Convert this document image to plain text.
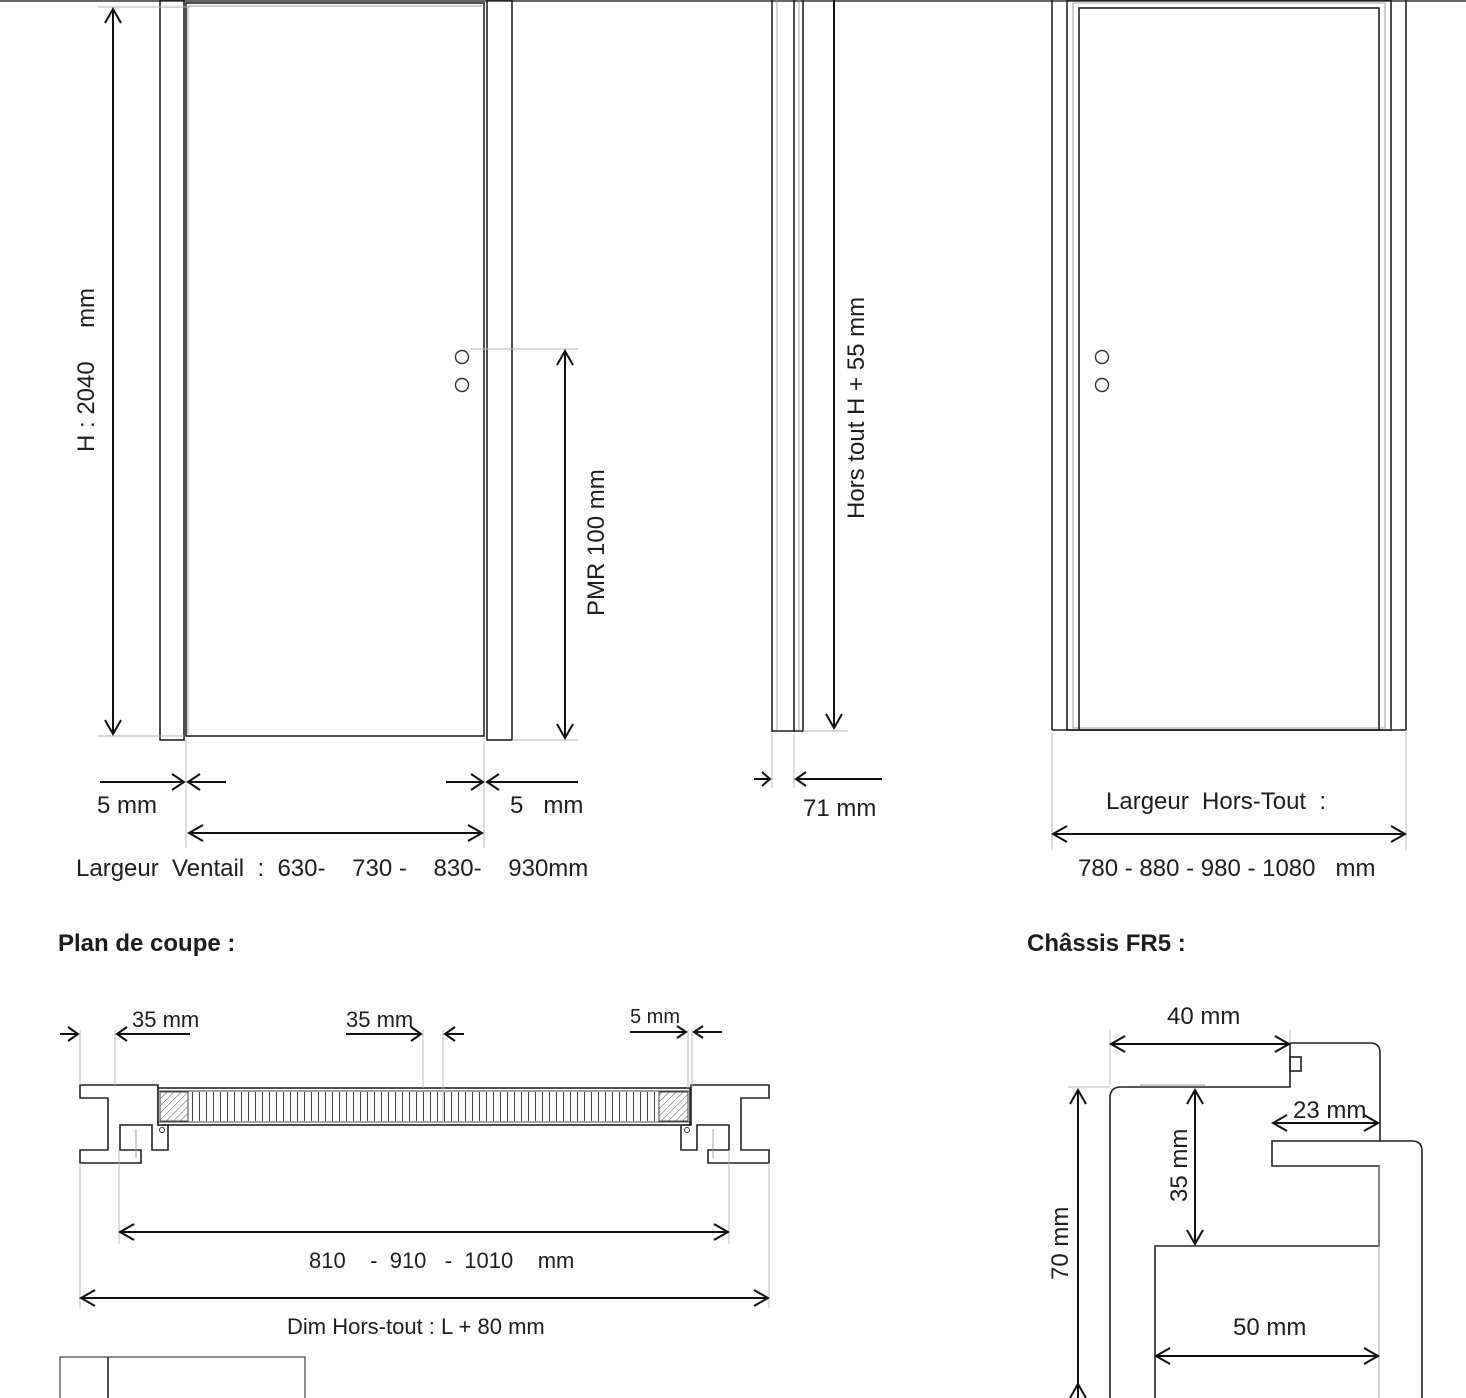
H : 2040     mm
PMR 100 mm
5 mm	5   mm
Largeur  Ventail  :  630-    730 -    830-    930mm
Hors tout H + 55 mm
71 mm	Largeur  Hors-Tout  :
780 - 880 - 980 - 1080   mm
Plan de coupe :	Châssis FR5 :
35 mm	35 mm	5 mm
810    -  910   -  1010    mm
Dim Hors-tout : L + 80 mm
40 mm
23 mm
35 mm
70 mm
50 mm
